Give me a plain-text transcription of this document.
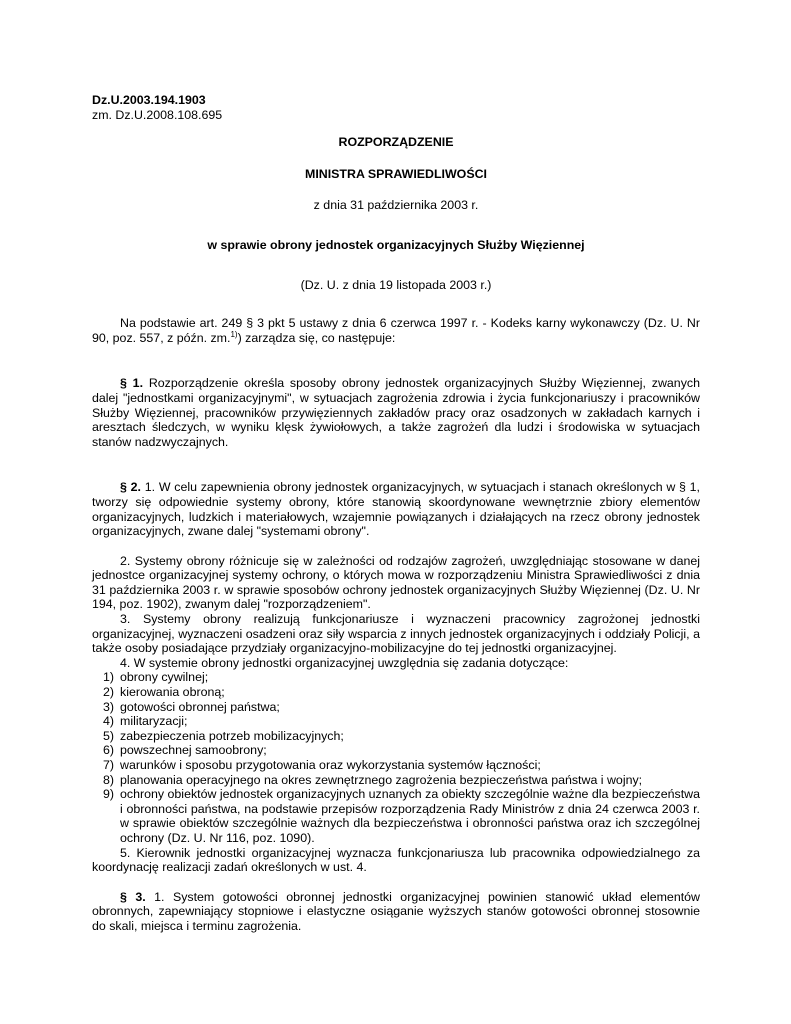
Dz.U.2003.194.1903

zm. Dz.U.2008.108.695

ROZPORZĄDZENIE

MINISTRA SPRAWIEDLIWOŚCI

z dnia 31 października 2003 r.

w sprawie obrony jednostek organizacyjnych Służby Więziennej

(Dz. U. z dnia 19 listopada 2003 r.)

Na podstawie art. 249 § 3 pkt 5 ustawy z dnia 6 czerwca 1997 r. - Kodeks karny wykonawczy (Dz. U. Nr 90, poz. 557, z późn. zm.$^{1)}$) zarządza się, co następuje:

§ 1. Rozporządzenie określa sposoby obrony jednostek organizacyjnych Służby Więziennej, zwanych dalej "jednostkami organizacyjnymi", w sytuacjach zagrożenia zdrowia i życia funkcjonariuszy i pracowników Służby Więziennej, pracowników przywięziennych zakładów pracy oraz osadzonych w zakładach karnych i aresztach śledczych, w wyniku klęsk żywiołowych, a także zagrożeń dla ludzi i środowiska w sytuacjach stanów nadzwyczajnych.

§ 2. 1. W celu zapewnienia obrony jednostek organizacyjnych, w sytuacjach i stanach określonych w § 1, tworzy się odpowiednie systemy obrony, które stanowią skoordynowane wewnętrznie zbiory elementów organizacyjnych, ludzkich i materiałowych, wzajemnie powiązanych i działających na rzecz obrony jednostek organizacyjnych, zwane dalej "systemami obrony".

2. Systemy obrony różnicuje się w zależności od rodzajów zagrożeń, uwzględniając stosowane w danej jednostce organizacyjnej systemy ochrony, o których mowa w rozporządzeniu Ministra Sprawiedliwości z dnia 31 października 2003 r. w sprawie sposobów ochrony jednostek organizacyjnych Służby Więziennej (Dz. U. Nr 194, poz. 1902), zwanym dalej "rozporządzeniem".

3. Systemy obrony realizują funkcjonariusze i wyznaczeni pracownicy zagrożonej jednostki organizacyjnej, wyznaczeni osadzeni oraz siły wsparcia z innych jednostek organizacyjnych i oddziały Policji, a także osoby posiadające przydziały organizacyjno-mobilizacyjne do tej jednostki organizacyjnej.

4. W systemie obrony jednostki organizacyjnej uwzględnia się zadania dotyczące:

1) obrony cywilnej;
2) kierowania obroną;
3) gotowości obronnej państwa;
4) militaryzacji;
5) zabezpieczenia potrzeb mobilizacyjnych;
6) powszechnej samoobrony;
7) warunków i sposobu przygotowania oraz wykorzystania systemów łączności;
8) planowania operacyjnego na okres zewnętrznego zagrożenia bezpieczeństwa państwa i wojny;
9) ochrony obiektów jednostek organizacyjnych uznanych za obiekty szczególnie ważne dla bezpieczeństwa i obronności państwa, na podstawie przepisów rozporządzenia Rady Ministrów z dnia 24 czerwca 2003 r. w sprawie obiektów szczególnie ważnych dla bezpieczeństwa i obronności państwa oraz ich szczególnej ochrony (Dz. U. Nr 116, poz. 1090).

5. Kierownik jednostki organizacyjnej wyznacza funkcjonariusza lub pracownika odpowiedzialnego za koordynację realizacji zadań określonych w ust. 4.

§ 3. 1. System gotowości obronnej jednostki organizacyjnej powinien stanowić układ elementów obronnych, zapewniający stopniowe i elastyczne osiąganie wyższych stanów gotowości obronnej stosownie do skali, miejsca i terminu zagrożenia.
